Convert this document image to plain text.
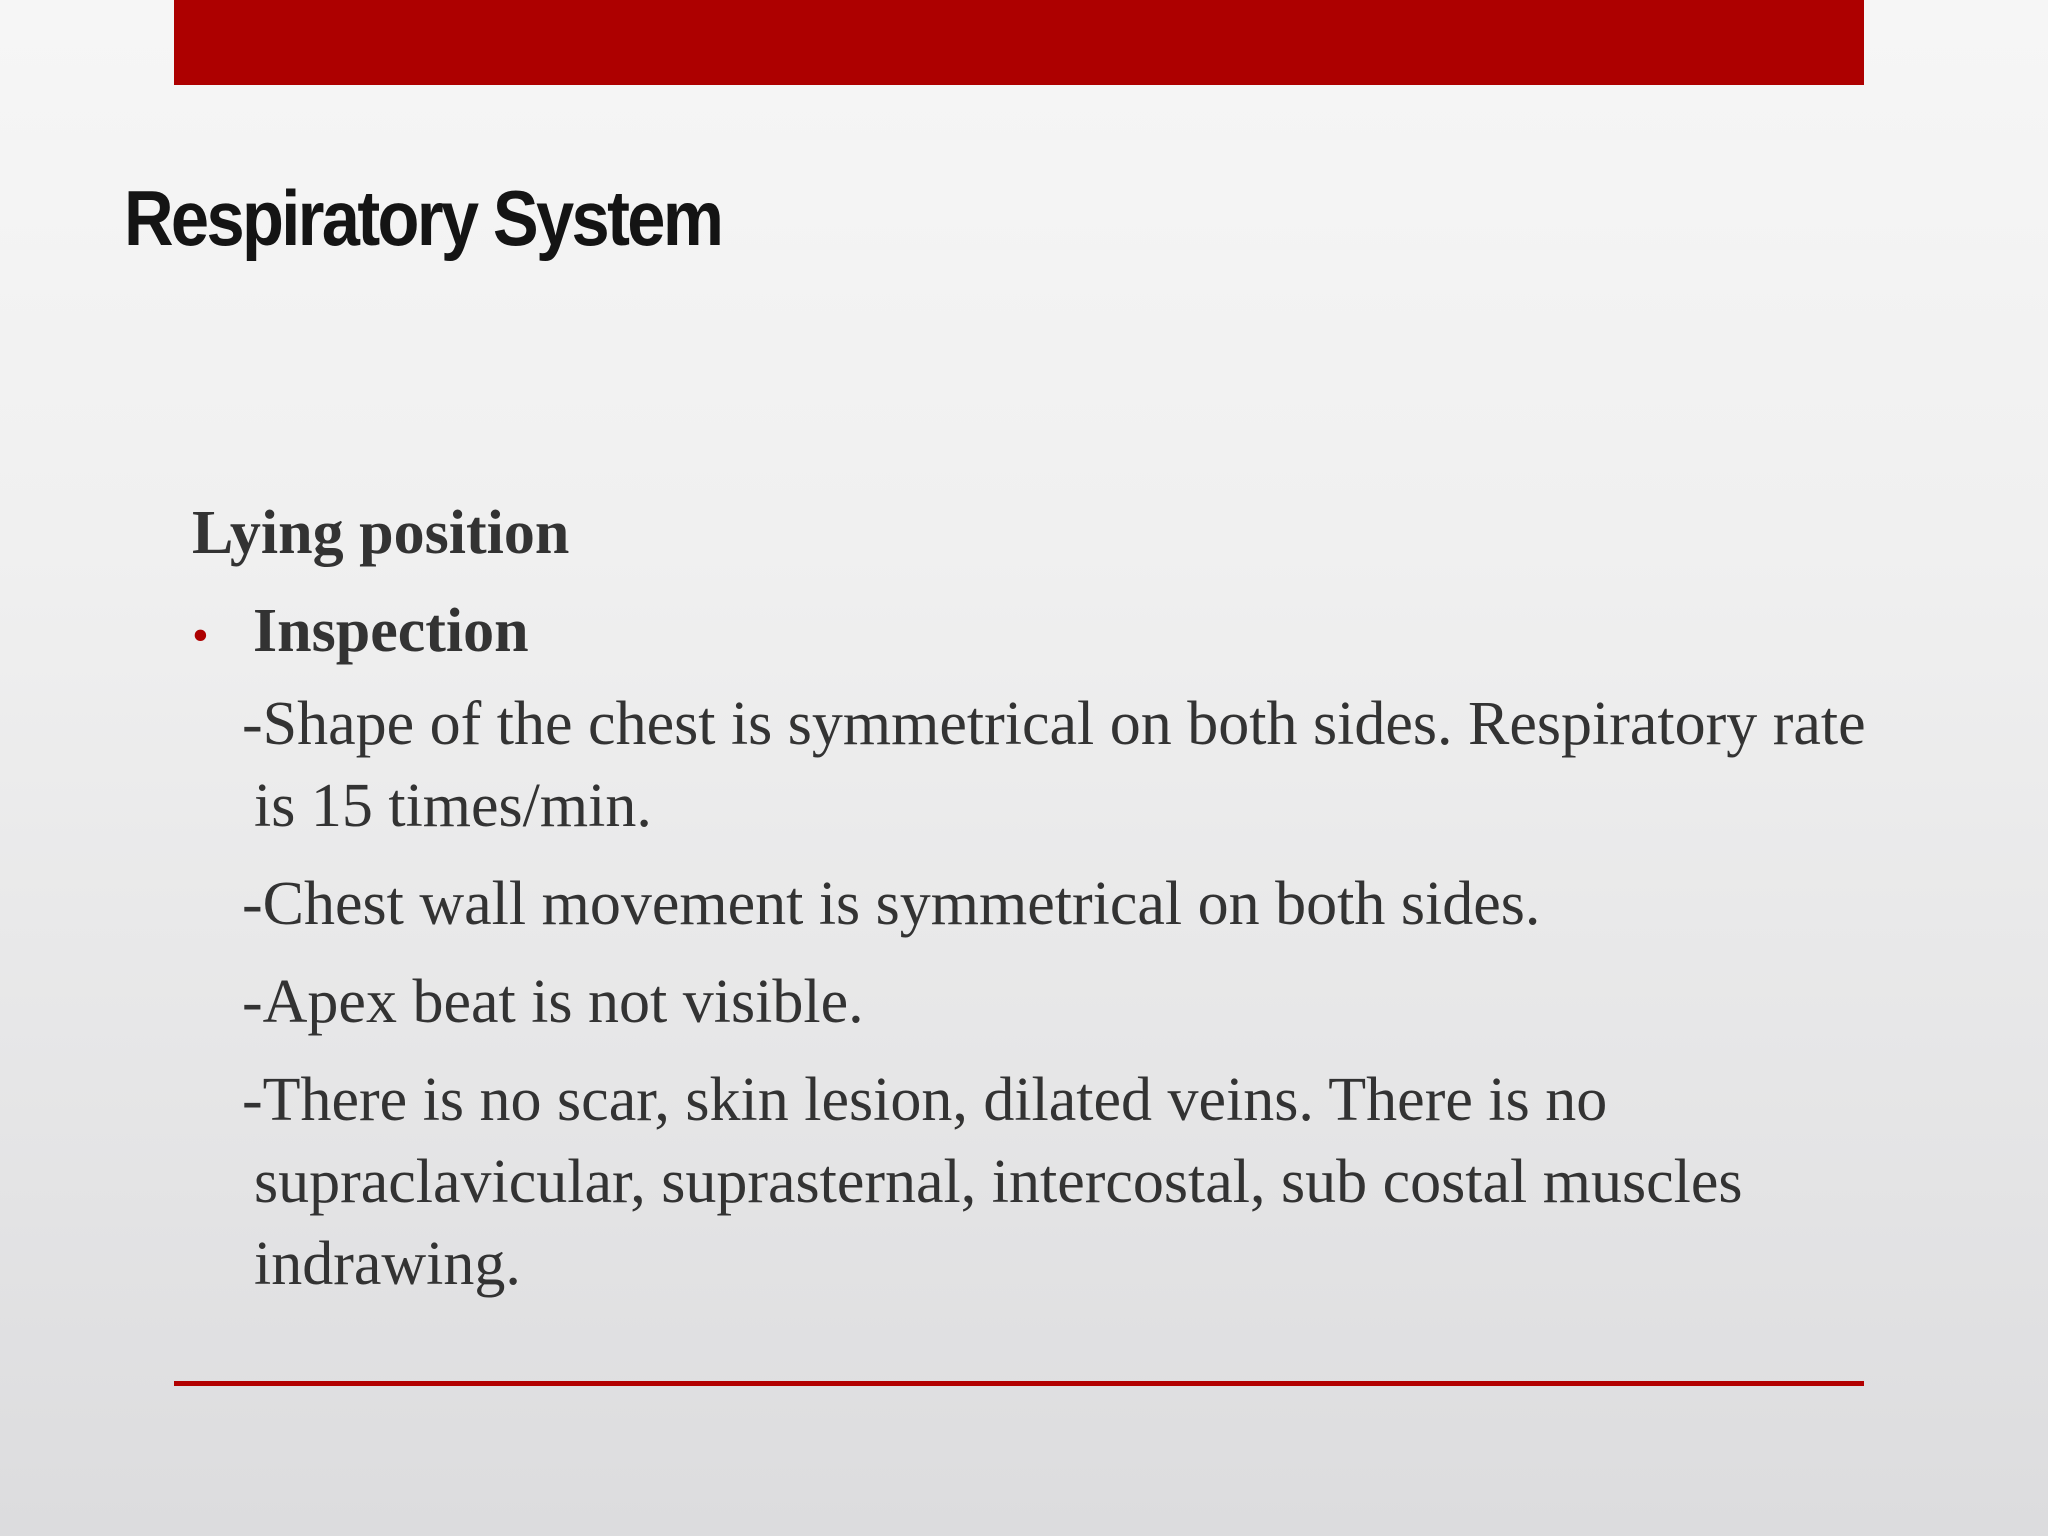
Respiratory System
Lying position
• Inspection
-Shape of the chest is symmetrical on both sides. Respiratory rate is 15 times/min.
-Chest wall movement is symmetrical on both sides.
-Apex beat is not visible.
-There is no scar, skin lesion, dilated veins. There is no supraclavicular, suprasternal, intercostal, sub costal muscles indrawing.
